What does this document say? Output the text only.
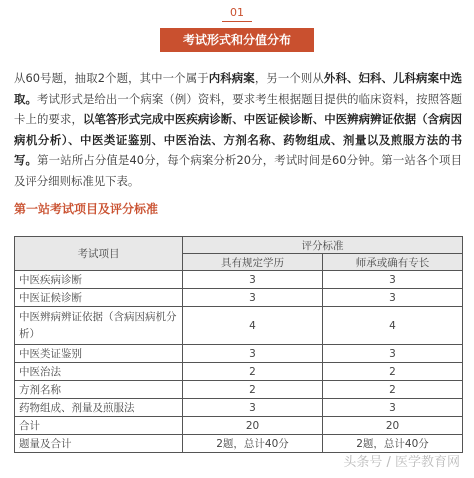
01
考试形式和分值分布
从60号题，抽取2个题，其中一个属于内科病案，另一个则从外科、妇科、儿科病案中选取。考试形式是给出一个病案（例）资料，要求考生根据题目提供的临床资料，按照答题卡上的要求，以笔答形式完成中医疾病诊断、中医证候诊断、中医辨病辨证依据（含病因病机分析）、中医类证鉴别、中医治法、方剂名称、药物组成、剂量以及煎服方法的书写。第一站所占分值是40分，每个病案分析20分，考试时间是60分钟。第一站各个项目及评分细则标准见下表。
第一站考试项目及评分标准
考试项目	评分标准	
	具有规定学历	师承或确有专长
中医疾病诊断	3	3
中医证候诊断	3	3
中医辨病辨证依据（含病因病机分析）	4	4
中医类证鉴别	3	3
中医治法	2	2
方剂名称	2	2
药物组成、剂量及煎服法	3	3
合计	20	20
题量及合计	2题，总计40分	2题，总计40分
头条号 / 医学教育网
